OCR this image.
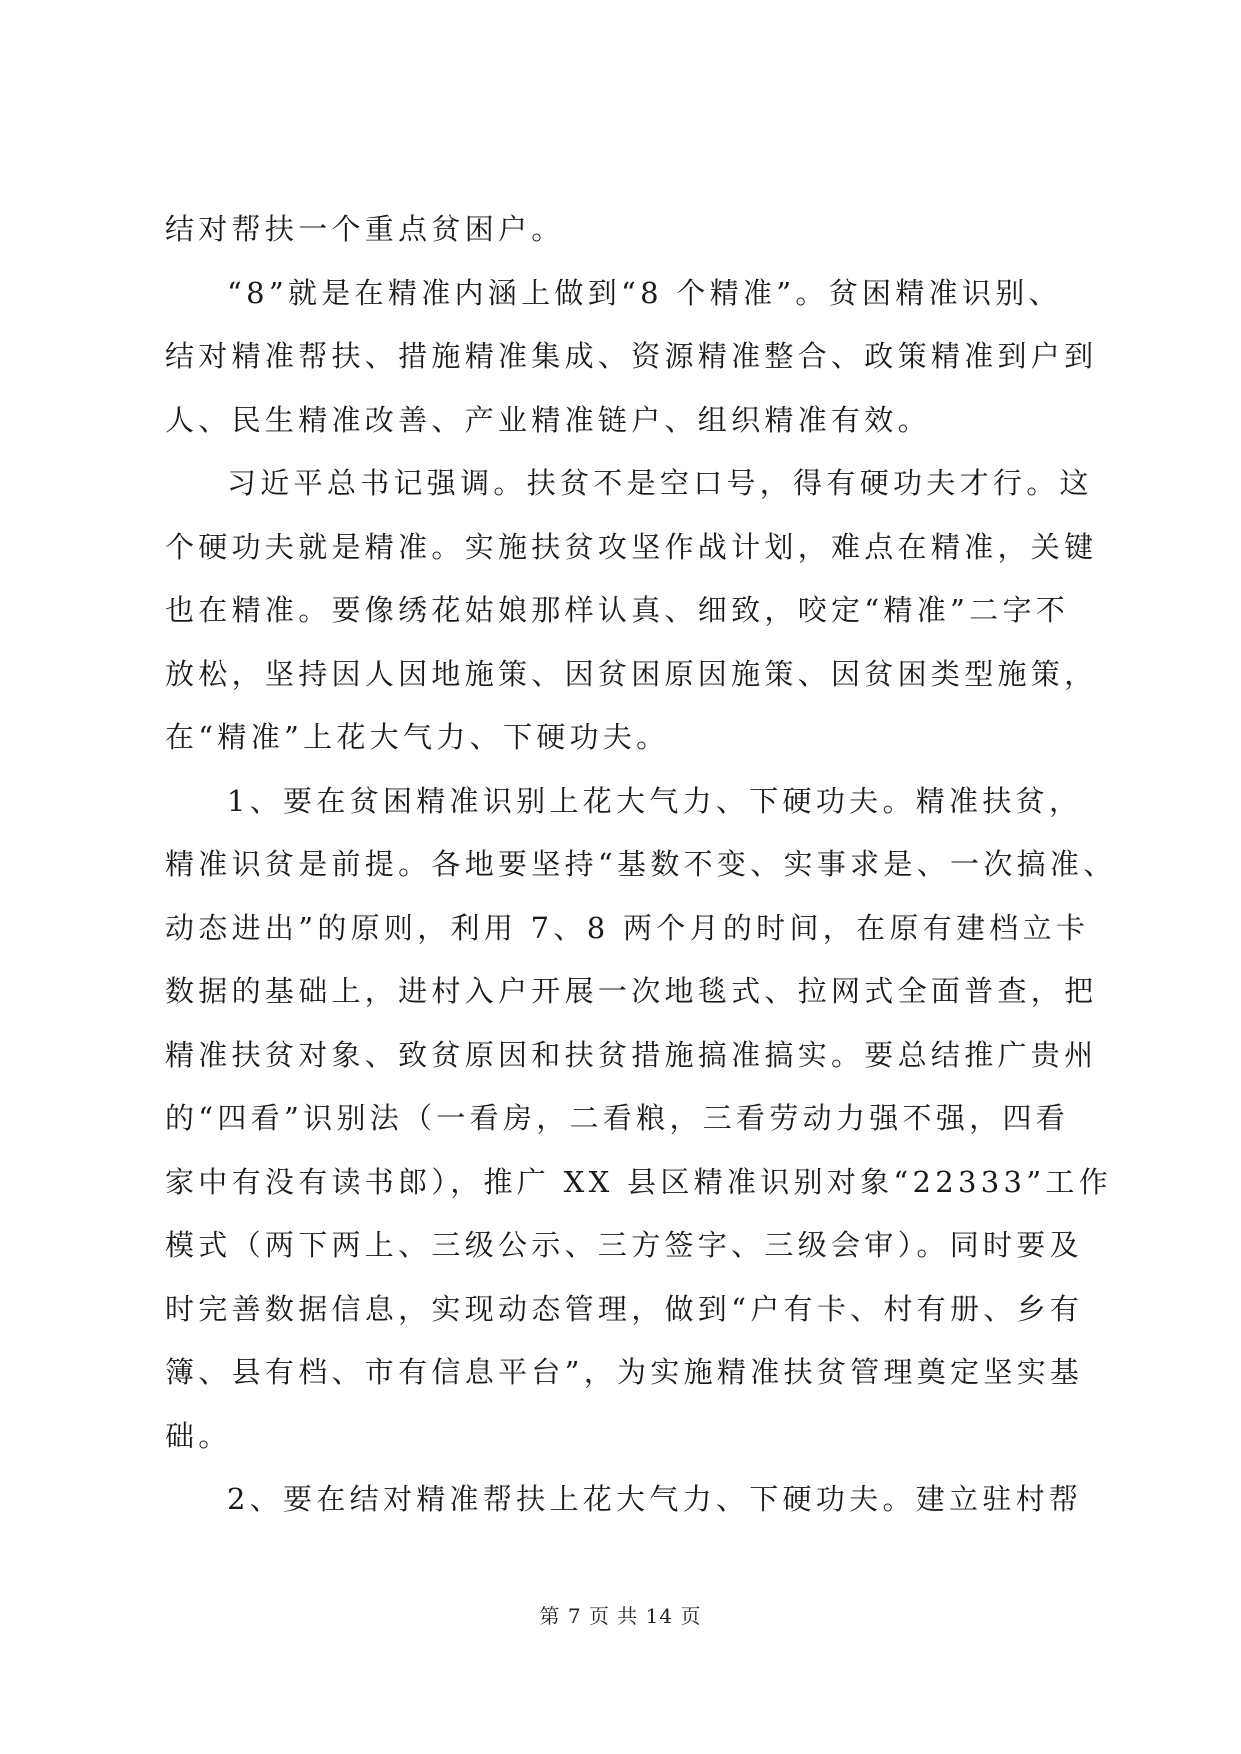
结对帮扶一个重点贫困户。
“8”就是在精准内涵上做到“8 个精准”。贫困精准识别、
结对精准帮扶、措施精准集成、资源精准整合、政策精准到户到
人、民生精准改善、产业精准链户、组织精准有效。
习近平总书记强调。扶贫不是空口号，得有硬功夫才行。这
个硬功夫就是精准。实施扶贫攻坚作战计划，难点在精准，关键
也在精准。要像绣花姑娘那样认真、细致，咬定“精准”二字不
放松，坚持因人因地施策、因贫困原因施策、因贫困类型施策，
在“精准”上花大气力、下硬功夫。
1、要在贫困精准识别上花大气力、下硬功夫。精准扶贫，
精准识贫是前提。各地要坚持“基数不变、实事求是、一次搞准、
动态进出”的原则，利用 7、8 两个月的时间，在原有建档立卡
数据的基础上，进村入户开展一次地毯式、拉网式全面普查，把
精准扶贫对象、致贫原因和扶贫措施搞准搞实。要总结推广贵州
的“四看”识别法（一看房，二看粮，三看劳动力强不强，四看
家中有没有读书郎），推广 XX 县区精准识别对象“22333”工作
模式（两下两上、三级公示、三方签字、三级会审）。同时要及
时完善数据信息，实现动态管理，做到“户有卡、村有册、乡有
簿、县有档、市有信息平台”，为实施精准扶贫管理奠定坚实基
础。
2、要在结对精准帮扶上花大气力、下硬功夫。建立驻村帮
第 7 页 共 14 页
